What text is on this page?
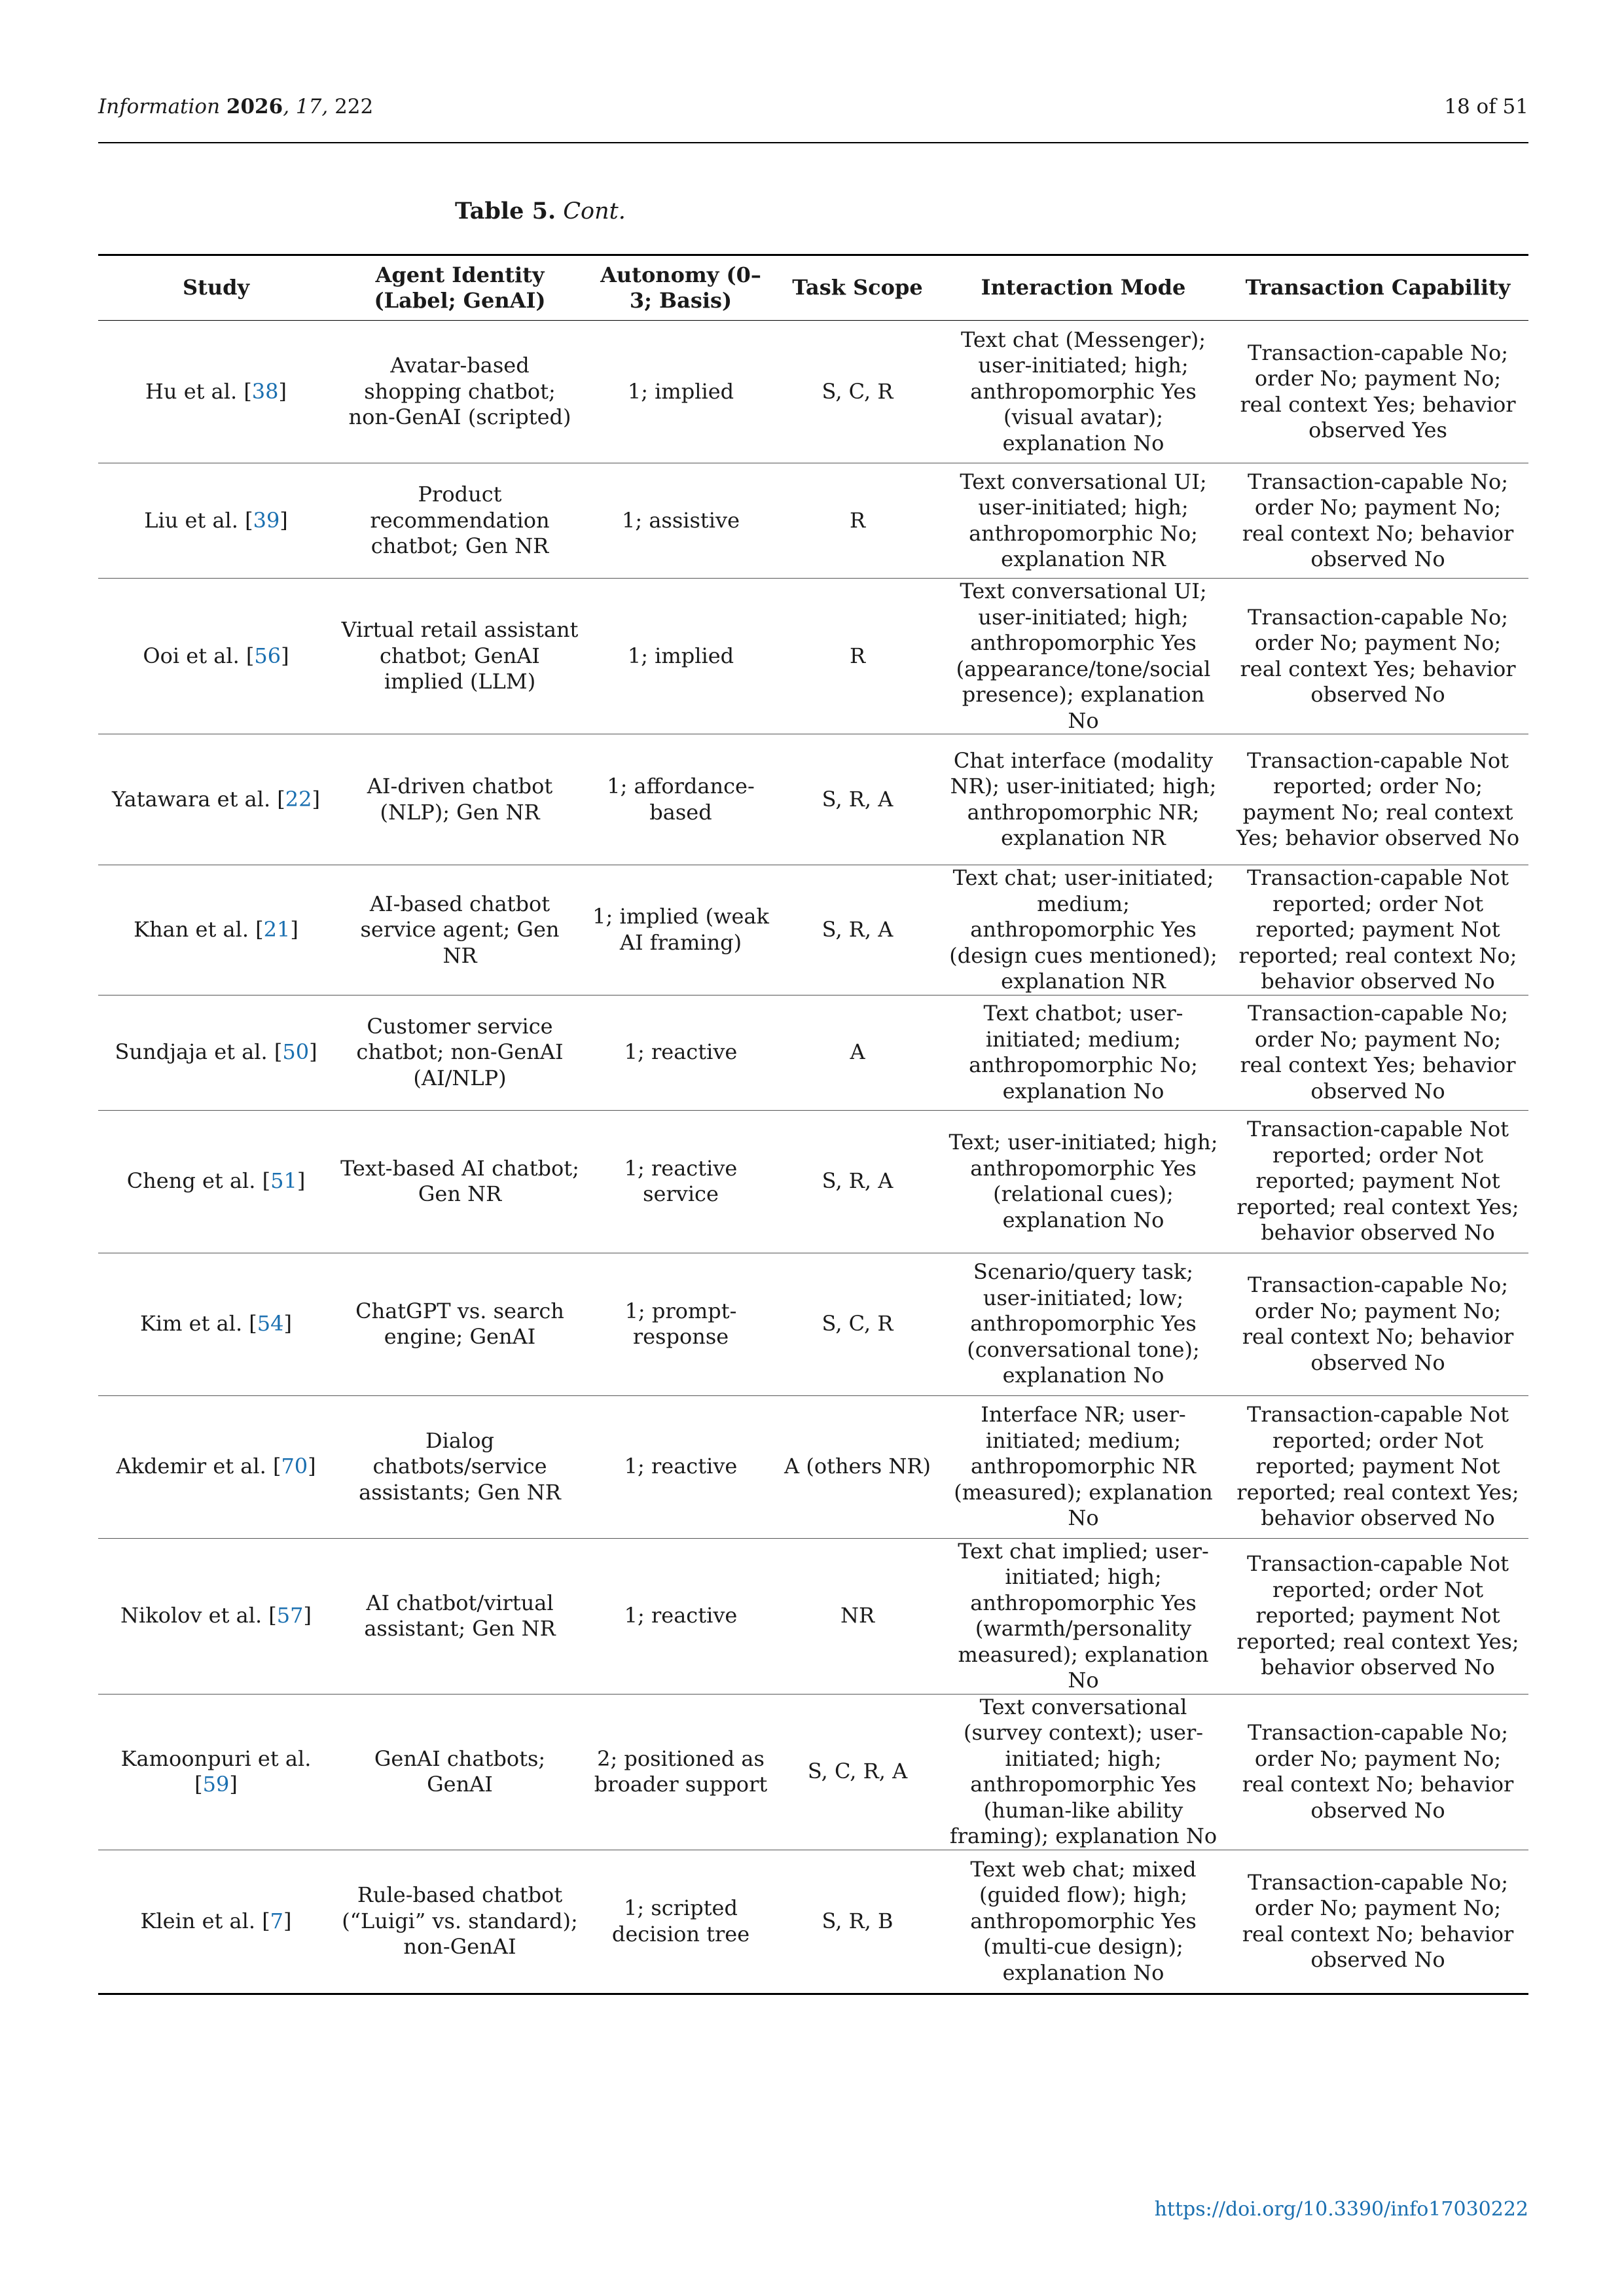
Information 2026, 17, 222	18 of 51
Table 5. Cont.
Study	Agent Identity (Label; GenAI)	Autonomy (0–3; Basis)	Task Scope	Interaction Mode	Transaction Capability
Hu et al. [38]	Avatar-based shopping chatbot; non-GenAI (scripted)	1; implied	S, C, R	Text chat (Messenger); user-initiated; high; anthropomorphic Yes (visual avatar); explanation No	Transaction-capable No; order No; payment No; real context Yes; behavior observed Yes
Liu et al. [39]	Product recommendation chatbot; Gen NR	1; assistive	R	Text conversational UI; user-initiated; high; anthropomorphic No; explanation NR	Transaction-capable No; order No; payment No; real context No; behavior observed No
Ooi et al. [56]	Virtual retail assistant chatbot; GenAI implied (LLM)	1; implied	R	Text conversational UI; user-initiated; high; anthropomorphic Yes (appearance/tone/social presence); explanation No	Transaction-capable No; order No; payment No; real context Yes; behavior observed No
Yatawara et al. [22]	AI-driven chatbot (NLP); Gen NR	1; affordance-based	S, R, A	Chat interface (modality NR); user-initiated; high; anthropomorphic NR; explanation NR	Transaction-capable Not reported; order No; payment No; real context Yes; behavior observed No
Khan et al. [21]	AI-based chatbot service agent; Gen NR	1; implied (weak AI framing)	S, R, A	Text chat; user-initiated; medium; anthropomorphic Yes (design cues mentioned); explanation NR	Transaction-capable Not reported; order Not reported; payment Not reported; real context No; behavior observed No
Sundjaja et al. [50]	Customer service chatbot; non-GenAI (AI/NLP)	1; reactive	A	Text chatbot; user-initiated; medium; anthropomorphic No; explanation No	Transaction-capable No; order No; payment No; real context Yes; behavior observed No
Cheng et al. [51]	Text-based AI chatbot; Gen NR	1; reactive service	S, R, A	Text; user-initiated; high; anthropomorphic Yes (relational cues); explanation No	Transaction-capable Not reported; order Not reported; payment Not reported; real context Yes; behavior observed No
Kim et al. [54]	ChatGPT vs. search engine; GenAI	1; prompt-response	S, C, R	Scenario/query task; user-initiated; low; anthropomorphic Yes (conversational tone); explanation No	Transaction-capable No; order No; payment No; real context No; behavior observed No
Akdemir et al. [70]	Dialog chatbots/service assistants; Gen NR	1; reactive	A (others NR)	Interface NR; user-initiated; medium; anthropomorphic NR (measured); explanation No	Transaction-capable Not reported; order Not reported; payment Not reported; real context Yes; behavior observed No
Nikolov et al. [57]	AI chatbot/virtual assistant; Gen NR	1; reactive	NR	Text chat implied; user-initiated; high; anthropomorphic Yes (warmth/personality measured); explanation No	Transaction-capable Not reported; order Not reported; payment Not reported; real context Yes; behavior observed No
Kamoonpuri et al. [59]	GenAI chatbots; GenAI	2; positioned as broader support	S, C, R, A	Text conversational (survey context); user-initiated; high; anthropomorphic Yes (human-like ability framing); explanation No	Transaction-capable No; order No; payment No; real context No; behavior observed No
Klein et al. [7]	Rule-based chatbot (“Luigi” vs. standard); non-GenAI	1; scripted decision tree	S, R, B	Text web chat; mixed (guided flow); high; anthropomorphic Yes (multi-cue design); explanation No	Transaction-capable No; order No; payment No; real context No; behavior observed No
https://doi.org/10.3390/info17030222
